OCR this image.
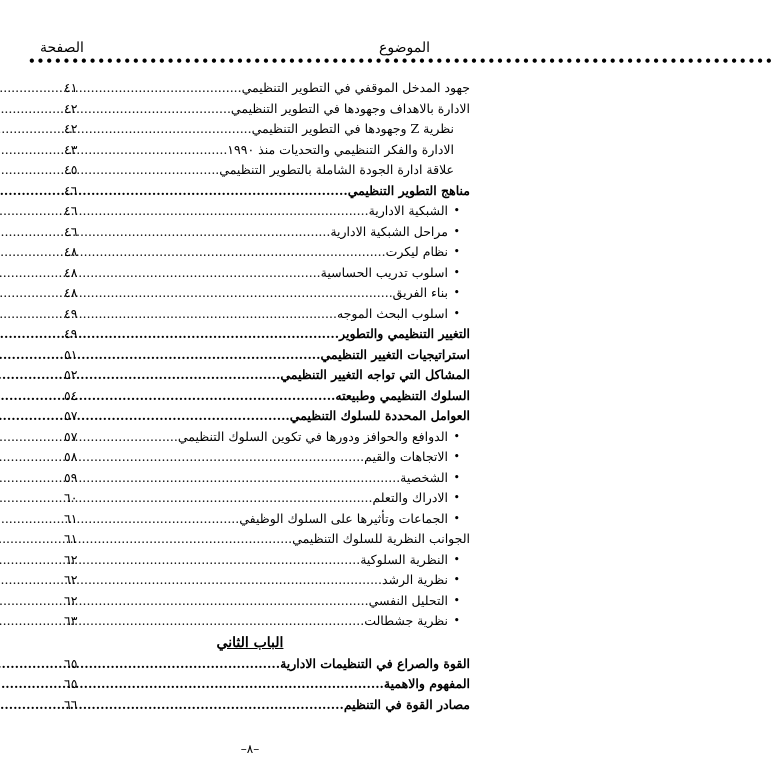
الموضوع
الصفحة
••••••••••••••••••••••••••••••••••••••••••••••••••••••••••••••••••••••••••••••••••••••
جهود المدخل الموقفي في التطوير التنظيمي .....
٤١
الادارة بالاهداف وجهودها في التطوير التنظيمي .....
٤٢
نظرية Z وجهودها في التطوير التنظيمي .....
٤٢
الادارة والفكر التنظيمي والتحديات منذ ١٩٩٠ .....
٤٣
علاقة ادارة الجودة الشاملة بالتطوير التنظيمي .....
٤٥
مناهج التطوير التنظيمي .....
٤٦
•
الشبكية الادارية .....
٤٦
•
مراحل الشبكية الادارية .....
٤٦
•
نظام ليكرت .....
٤٨
•
اسلوب تدريب الحساسية .....
٤٨
•
بناء الفريق .....
٤٨
•
اسلوب البحث الموجه .....
٤٩
التغيير التنظيمي والتطوير .....
٤٩
استراتيجيات التغيير التنظيمي .....
٥١
المشاكل التي تواجه التغيير التنظيمي .....
٥٢
السلوك التنظيمي وطبيعته .....
٥٤
العوامل المحددة للسلوك التنظيمي .....
٥٧
•
الدوافع والحوافز ودورها في تكوين السلوك التنظيمي .....
٥٧
•
الاتجاهات والقيم .....
٥٨
•
الشخصية .....
٥٩
•
الادراك والتعلم .....
٦٠
•
الجماعات وتأثيرها على السلوك الوظيفي .....
٦١
الجوانب النظرية للسلوك التنظيمي .....
٦١
•
النظرية السلوكية .....
٦٢
•
نظرية الرشد .....
٦٢
•
التحليل النفسي .....
٦٢
•
نظرية جشطالت .....
٦٣
الباب الثاني
القوة والصراع في التنظيمات الادارية .....
٦٥
المفهوم والاهمية .....
٦٥
مصادر القوة في التنظيم .....
٦٦
–٨–
